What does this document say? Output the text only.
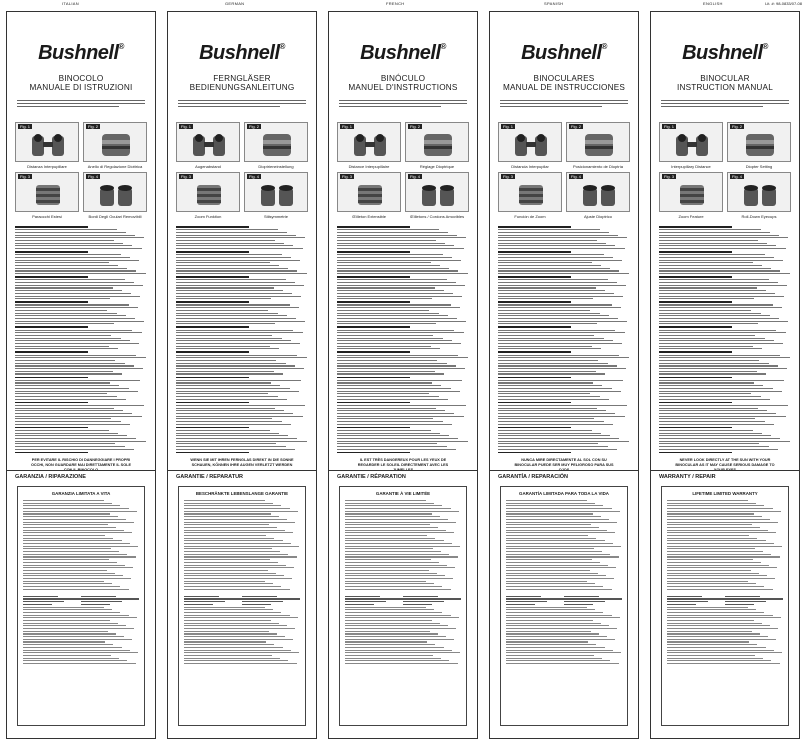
ITALIAN	GERMAN	FRENCH	SPANISH	ENGLISH	Lit. #: 98-0833/07-08
Bushnell®
BINOCOLO
MANUALE DI ISTRUZIONI
Fig. 1	Fig. 2
Distanza Interpupillare	Anello di Regolazione Diottrica
Fig. 3	Fig. 4
Paraocchi Estesi	Bordi Degli Oculari Removibili
PER EVITARE IL RISCHIO DI DANNEGGIARE I PROPRI OCCHI, NON GUARDARE MAI DIRETTAMENTE IL SOLE
GARANZIA / RIPARAZIONE
GARANZIA LIMITATA A VITA
Bushnell®
FERNGLÄSER
BEDIENUNGSANLEITUNG
Fig. 1	Fig. 2
Augenabstand	Dioptrieneinstellung
Fig. 3	Fig. 4
Zoom Funktion	Stilsymmetrie
WENN SIE MIT IHREN FERNGLAS DIREKT IN DIE SONNE SCHAUEN, KÖNNEN IHRE AUGEN VERLETZT WERDEN
GARANTIE / REPARATUR
BESCHRÄNKTE LEBENSLANGE GARANTIE
Bushnell®
BINÓCULO
MANUEL D'INSTRUCTIONS
Fig. 1	Fig. 2
Distance Interpupillaire	Réglage Dioptrique
Fig. 3	Fig. 4
Œilleton Extensible	Œilletons / Cordons Amovibles
IL EST TRÈS DANGEREUX POUR LES YEUX DE REGARDER LE SOLEIL DIRECTEMENT AVEC LES
GARANTIE / RÉPARATION
GARANTIE À VIE LIMITÉE
Bushnell®
BINOCULARES
MANUAL DE INSTRUCCIONES
Fig. 1	Fig. 2
Distancia Interpupilar	Posicionamiento de Dioptría
Fig. 3	Fig. 4
Función de Zoom	Ajuste Dioptrico
NUNCA MIRE DIRECTAMENTE AL SOL CON SU BINOCULAR PUEDE SER MUY PELIGROSO PARA SUS
GARANTÍA / REPARACIÓN
GARANTÍA LIMITADA PARA TODA LA VIDA
Bushnell®
BINOCULAR
INSTRUCTION MANUAL
Fig. 1	Fig. 2
Interpupillary Distance	Diopter Setting
Fig. 3	Fig. 4
Zoom Feature	Roll-Down Eyecups
NEVER LOOK DIRECTLY AT THE SUN WITH YOUR BINOCULAR AS IT MAY CAUSE SERIOUS DAMAGE TO
WARRANTY / REPAIR
LIFETIME LIMITED WARRANTY
